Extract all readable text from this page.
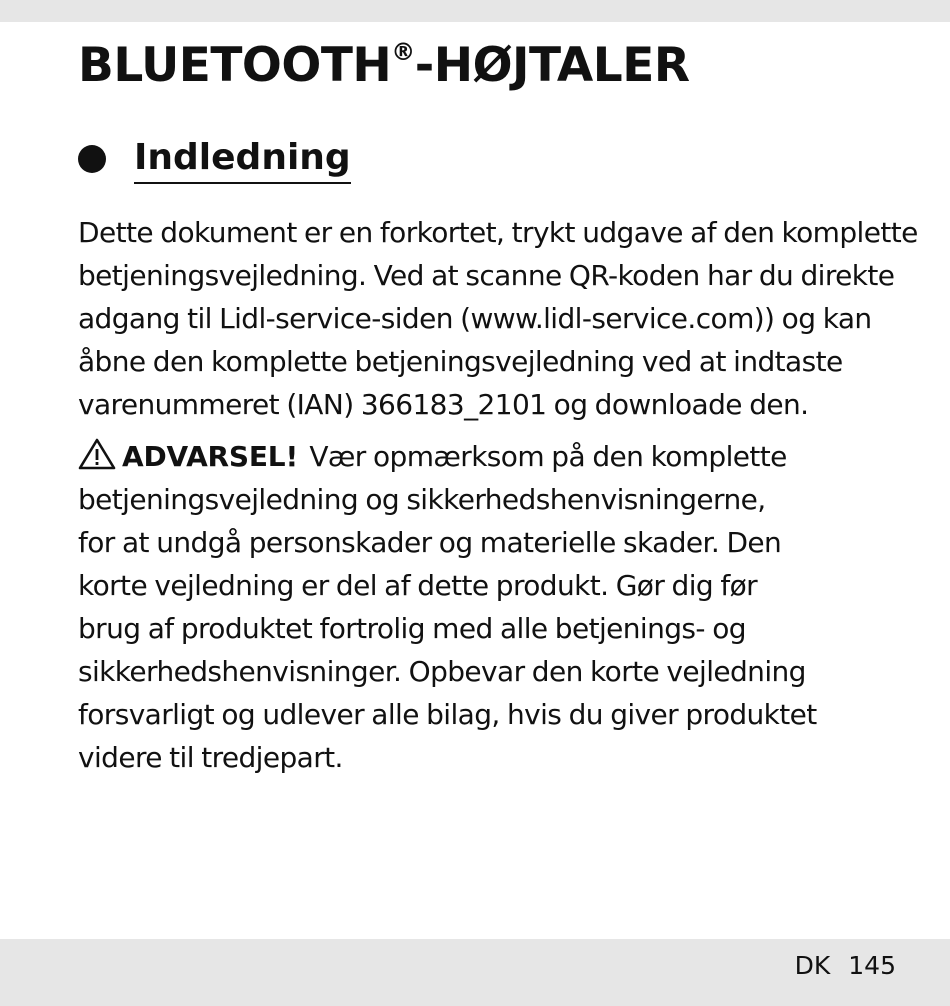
BLUETOOTH®-HØJTALER
Indledning
Dette dokument er en forkortet, trykt udgave af den komplette
betjeningsvejledning. Ved at scanne QR-koden har du direkte
adgang til Lidl-service-siden (www.lidl-service.com)) og kan
åbne den komplette betjeningsvejledning ved at indtaste
varenummeret (IAN) 366183_2101 og downloade den.
ADVARSEL! Vær opmærksom på den komplette
betjeningsvejledning og sikkerhedshenvisningerne,
for at undgå personskader og materielle skader. Den
korte vejledning er del af dette produkt. Gør dig før
brug af produktet fortrolig med alle betjenings- og
sikkerhedshenvisninger. Opbevar den korte vejledning
forsvarligt og udlever alle bilag, hvis du giver produktet
videre til tredjepart.
DK 145
